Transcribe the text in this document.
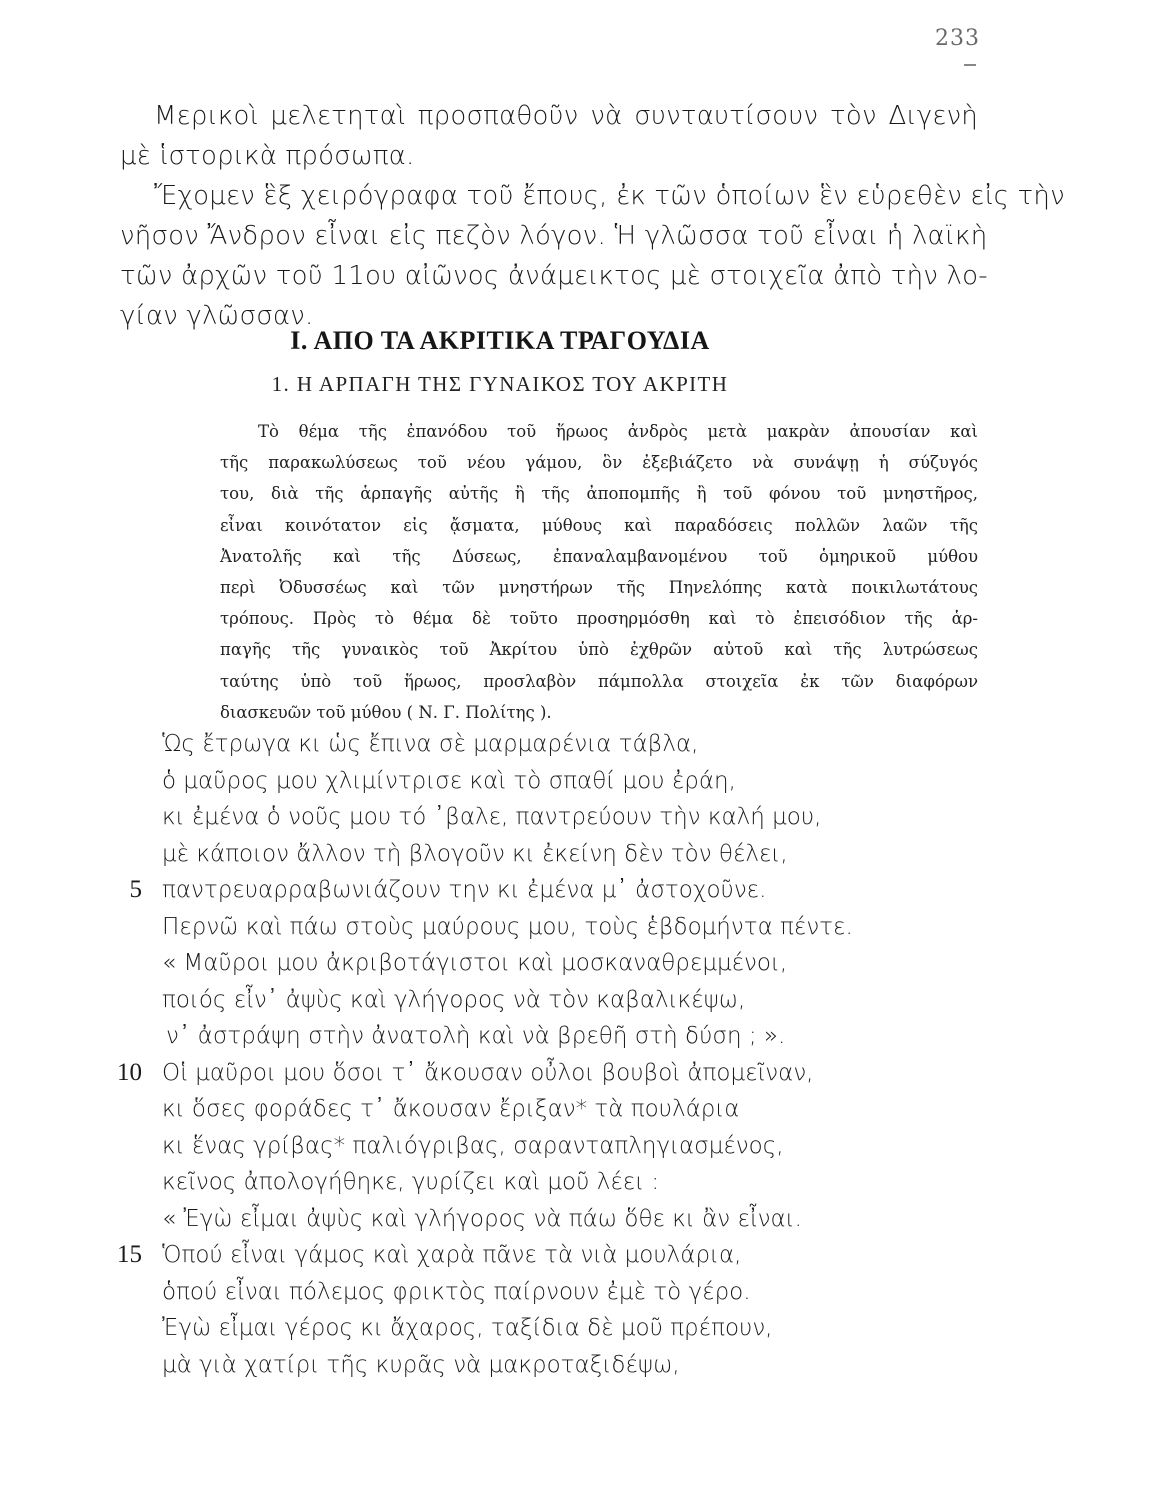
233
Μερικοὶ μελετηταὶ προσπαθοῦν νὰ συνταυτίσουν τὸν Διγενὴ
μὲ ἱστορικὰ πρόσωπα.
Ἔχομεν ἓξ χειρόγραφα τοῦ ἔπους, ἐκ τῶν ὁποίων ἓν εὑρεθὲν εἰς τὴν
νῆσον Ἄνδρον εἶναι εἰς πεζὸν λόγον. Ἡ γλῶσσα τοῦ εἶναι ἡ λαϊκὴ
τῶν ἀρχῶν τοῦ 11ου αἰῶνος ἀνάμεικτος μὲ στοιχεῖα ἀπὸ τὴν λο-
γίαν γλῶσσαν.
Ι. ΑΠΟ ΤΑ ΑΚΡΙΤΙΚΑ ΤΡΑΓΟΥΔΙΑ
1. Η ΑΡΠΑΓΗ ΤΗΣ ΓΥΝΑΙΚΟΣ ΤΟΥ ΑΚΡΙΤΗ
Τὸ θέμα τῆς ἐπανόδου τοῦ ἥρωος ἀνδρὸς μετὰ μακρὰν ἀπουσίαν καὶ
τῆς παρακωλύσεως τοῦ νέου γάμου, ὃν ἐξεβιάζετο νὰ συνάψῃ ἡ σύζυγός
του, διὰ τῆς ἁρπαγῆς αὐτῆς ἢ τῆς ἀποπομπῆς ἢ τοῦ φόνου τοῦ μνηστῆρος,
εἶναι κοινότατον εἰς ᾄσματα, μύθους καὶ παραδόσεις πολλῶν λαῶν τῆς
Ἀνατολῆς καὶ τῆς Δύσεως, ἐπαναλαμβανομένου τοῦ ὁμηρικοῦ μύθου
περὶ Ὀδυσσέως καὶ τῶν μνηστήρων τῆς Πηνελόπης κατὰ ποικιλωτάτους
τρόπους. Πρὸς τὸ θέμα δὲ τοῦτο προσηρμόσθη καὶ τὸ ἐπεισόδιον τῆς ἁρ-
παγῆς τῆς γυναικὸς τοῦ Ἀκρίτου ὑπὸ ἐχθρῶν αὐτοῦ καὶ τῆς λυτρώσεως
ταύτης ὑπὸ τοῦ ἥρωος, προσλαβὸν πάμπολλα στοιχεῖα ἐκ τῶν διαφόρων
διασκευῶν τοῦ μύθου ( Ν. Γ. Πολίτης ).
Ὡς ἔτρωγα κι ὡς ἔπινα σὲ μαρμαρένια τάβλα,
ὁ μαῦρος μου χλιμίντρισε καὶ τὸ σπαθί μου ἐράη,
κι ἐμένα ὁ νοῦς μου τό ᾿βαλε, παντρεύουν τὴν καλή μου,
μὲ κάποιον ἄλλον τὴ βλογοῦν κι ἐκείνη δὲν τὸν θέλει,
5 παντρευαρραβωνιάζουν την κι ἐμένα μ᾿ ἀστοχοῦνε.
Περνῶ καὶ πάω στοὺς μαύρους μου, τοὺς ἑβδομήντα πέντε.
« Μαῦροι μου ἀκριβοτάγιστοι καὶ μοσκαναθρεμμένοι,
ποιός εἶν᾿ ἀψὺς καὶ γλήγορος νὰ τὸν καβαλικέψω,
ν᾿ ἀστράψη στὴν ἀνατολὴ καὶ νὰ βρεθῆ στὴ δύση ; ».
10 Οἱ μαῦροι μου ὅσοι τ᾿ ἄκουσαν οὖλοι βουβοὶ ἀπομεῖναν,
κι ὅσες φοράδες τ᾿ ἄκουσαν ἔριξαν* τὰ πουλάρια
κι ἕνας γρίβας* παλιόγριβας, σαρανταπληγιασμένος,
κεῖνος ἀπολογήθηκε, γυρίζει καὶ μοῦ λέει :
« Ἐγὼ εἶμαι ἀψὺς καὶ γλήγορος νὰ πάω ὅθε κι ἂν εἶναι.
15 Ὁπού εἶναι γάμος καὶ χαρὰ πᾶνε τὰ νιὰ μουλάρια,
ὁπού εἶναι πόλεμος φρικτὸς παίρνουν ἐμὲ τὸ γέρο.
Ἐγὼ εἶμαι γέρος κι ἄχαρος, ταξίδια δὲ μοῦ πρέπουν,
μὰ γιὰ χατίρι τῆς κυρᾶς νὰ μακροταξιδέψω,
